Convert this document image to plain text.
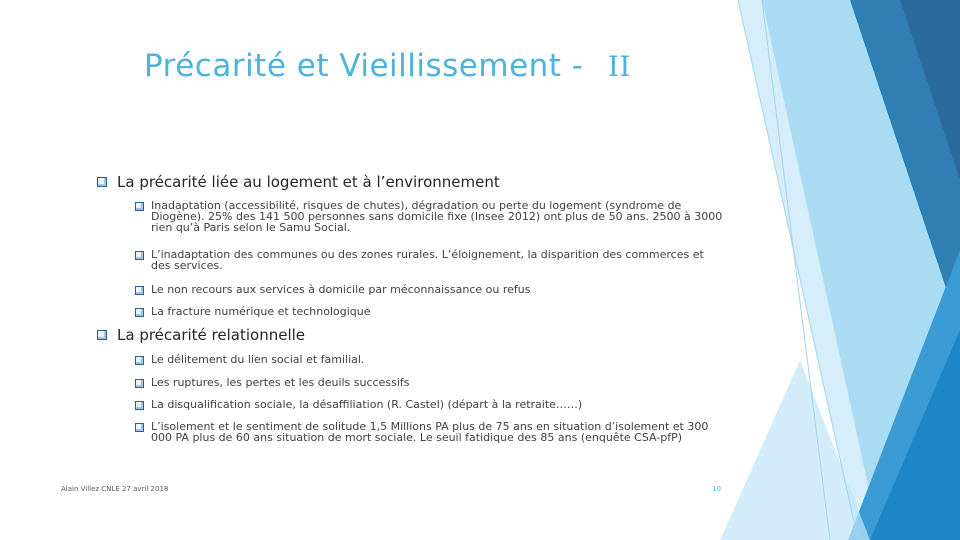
Précarité et Vieillissement - II
La précarité liée au logement et à l’environnement
Inadaptation (accessibilité, risques de chutes), dégradation ou perte du logement (syndrome de Diogène). 25% des 141 500 personnes sans domicile fixe (Insee 2012) ont plus de 50 ans. 2500 à 3000 rien qu’à Paris selon le Samu Social.
L’inadaptation des communes ou des zones rurales. L’éloignement, la disparition des commerces et des services.
Le non recours aux services à domicile par méconnaissance ou refus
La fracture numérique et technologique
La précarité relationnelle
Le délitement du lien social et familial.
Les ruptures, les pertes et les deuils successifs
La disqualification sociale, la désaffiliation (R. Castel) (départ à la retraite……)
L’isolement et le sentiment de solitude 1,5 Millions PA plus de 75 ans en situation d’isolement et 300 000 PA plus de 60 ans situation de mort sociale. Le seuil fatidique des 85 ans (enquête CSA-pfP)
Alain Villez CNLE 27 avril 2018	10
